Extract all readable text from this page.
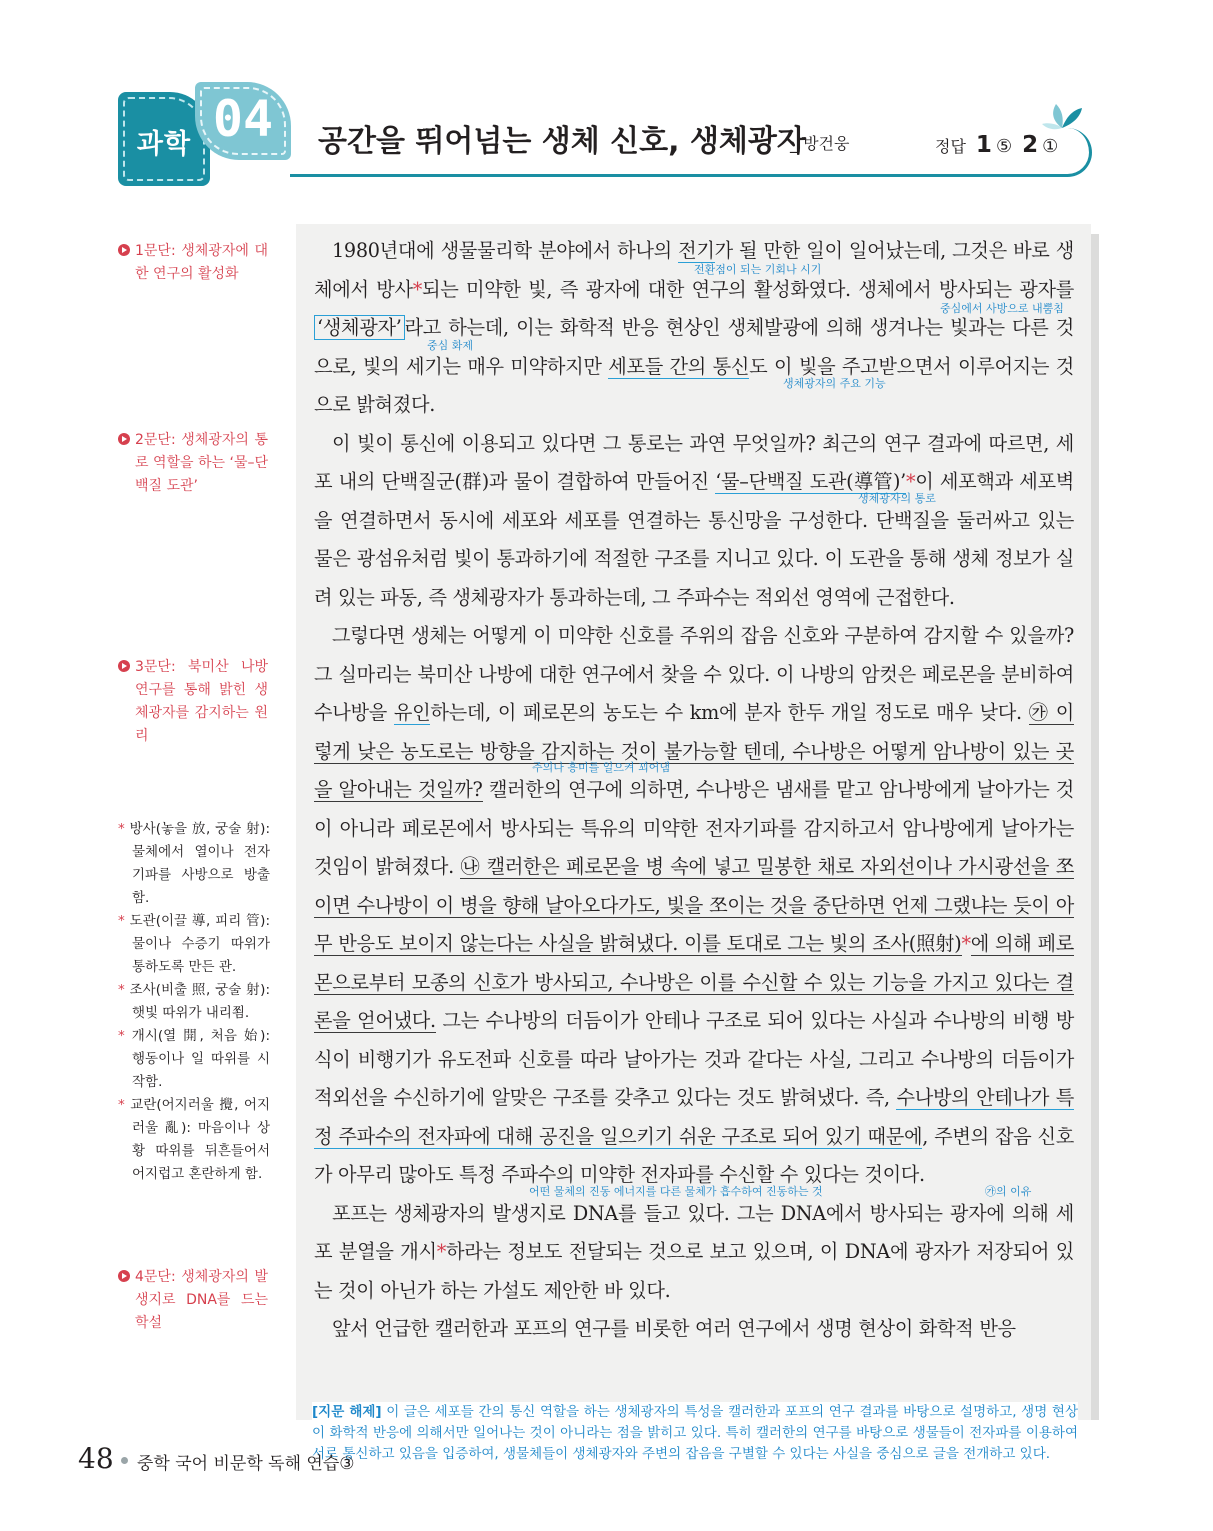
과학 04	공간을 뛰어넘는 생체 신호, 생체광자
_ 방건웅	정답 1 ⑤ 2 ①
1문단: 생체광자에 대한 연구의 활성화
2문단: 생체광자의 통로 역할을 하는 ‘물–단백질 도관’
3문단: 북미산 나방 연구를 통해 밝힌 생체광자를 감지하는 원리
4문단: 생체광자의 발생지로 DNA를 드는 학설
* 방사(놓을 放, 궁술 射): 물체에서 열이나 전자기파를 사방으로 방출함.
* 도관(이끌 導, 피리 管): 물이나 수증기 따위가 통하도록 만든 관.
* 조사(비출 照, 궁술 射): 햇빛 따위가 내리쬠.
* 개시(열 開, 처음 始): 행동이나 일 따위를 시작함.
* 교란(어지러울 攪, 어지러울 亂): 마음이나 상황 따위를 뒤흔들어서 어지럽고 혼란하게 함.

1980년대에 생물물리학 분야에서 하나의 전기가 될 만한 일이 일어났는데, 그것은 바로 생체에서 방사*되는 미약한 빛, 즉 광자에 대한 연구의 활성화였다. 생체에서 방사되는 광자를 ‘생체광자’ 라고 하는데, 이는 화학적 반응 현상인 생체발광에 의해 생겨나는 빛과는 다른 것으로, 빛의 세기는 매우 미약하지만 세포들 간의 통신도 이 빛을 주고받으면서 이루어지는 것으로 밝혀졌다.

이 빛이 통신에 이용되고 있다면 그 통로는 과연 무엇일까? 최근의 연구 결과에 따르면, 세포 내의 단백질군(群)과 물이 결합하여 만들어진 ‘물–단백질 도관(導管)’*이 세포핵과 세포벽을 연결하면서 동시에 세포와 세포를 연결하는 통신망을 구성한다. 단백질을 둘러싸고 있는 물은 광섬유처럼 빛이 통과하기에 적절한 구조를 지니고 있다. 이 도관을 통해 생체 정보가 실려 있는 파동, 즉 생체광자가 통과하는데, 그 주파수는 적외선 영역에 근접한다.

그렇다면 생체는 어떻게 이 미약한 신호를 주위의 잡음 신호와 구분하여 감지할 수 있을까? 그 실마리는 북미산 나방에 대한 연구에서 찾을 수 있다. 이 나방의 암컷은 페로몬을 분비하여 수나방을 유인하는데, 이 페로몬의 농도는 수 km에 분자 한두 개일 정도로 매우 낮다. ㉮ 이렇게 낮은 농도로는 방향을 감지하는 것이 불가능할 텐데, 수나방은 어떻게 암나방이 있는 곳을 알아내는 것일까? 캘러한의 연구에 의하면, 수나방은 냄새를 맡고 암나방에게 날아가는 것이 아니라 페로몬에서 방사되는 특유의 미약한 전자기파를 감지하고서 암나방에게 날아가는 것임이 밝혀졌다. ㉯ 캘러한은 페로몬을 병 속에 넣고 밀봉한 채로 자외선이나 가시광선을 쪼이면 수나방이 이 병을 향해 날아오다가도, 빛을 쪼이는 것을 중단하면 언제 그랬냐는 듯이 아무 반응도 보이지 않는다는 사실을 밝혀냈다. 이를 토대로 그는 빛의 조사(照射)*에 의해 페로몬으로부터 모종의 신호가 방사되고, 수나방은 이를 수신할 수 있는 기능을 가지고 있다는 결론을 얻어냈다. 그는 수나방의 더듬이가 안테나 구조로 되어 있다는 사실과 수나방의 비행 방식이 비행기가 유도전파 신호를 따라 날아가는 것과 같다는 사실, 그리고 수나방의 더듬이가 적외선을 수신하기에 알맞은 구조를 갖추고 있다는 것도 밝혀냈다. 즉, 수나방의 안테나가 특정 주파수의 전자파에 대해 공진을 일으키기 쉬운 구조로 되어 있기 때문에, 주변의 잡음 신호가 아무리 많아도 특정 주파수의 미약한 전자파를 수신할 수 있다는 것이다.

포프는 생체광자의 발생지로 DNA를 들고 있다. 그는 DNA에서 방사되는 광자에 의해 세포 분열을 개시*하라는 정보도 전달되는 것으로 보고 있으며, 이 DNA에 광자가 저장되어 있는 것이 아닌가 하는 가설도 제안한 바 있다.

앞서 언급한 캘러한과 포프의 연구를 비롯한 여러 연구에서 생명 현상이 화학적 반응

전환점이 되는 기회나 시기
중심에서 사방으로 내뿜침
중심 화제
생체광자의 주요 기능
생체광자의 통로
주의나 흥미를 일으켜 꾀어냄
어떤 물체의 진동 에너지를 다른 물체가 흡수하여 진동하는 것	㉮의 이유
[지문 해제] 이 글은 세포들 간의 통신 역할을 하는 생체광자의 특성을 캘러한과 포프의 연구 결과를 바탕으로 설명하고, 생명 현상이 화학적 반응에 의해서만 일어나는 것이 아니라는 점을 밝히고 있다. 특히 캘러한의 연구를 바탕으로 생물들이 전자파를 이용하여 서로 통신하고 있음을 입증하여, 생물체들이 생체광자와 주변의 잡음을 구별할 수 있다는 사실을 중심으로 글을 전개하고 있다.
48 중학 국어 비문학 독해 연습③
